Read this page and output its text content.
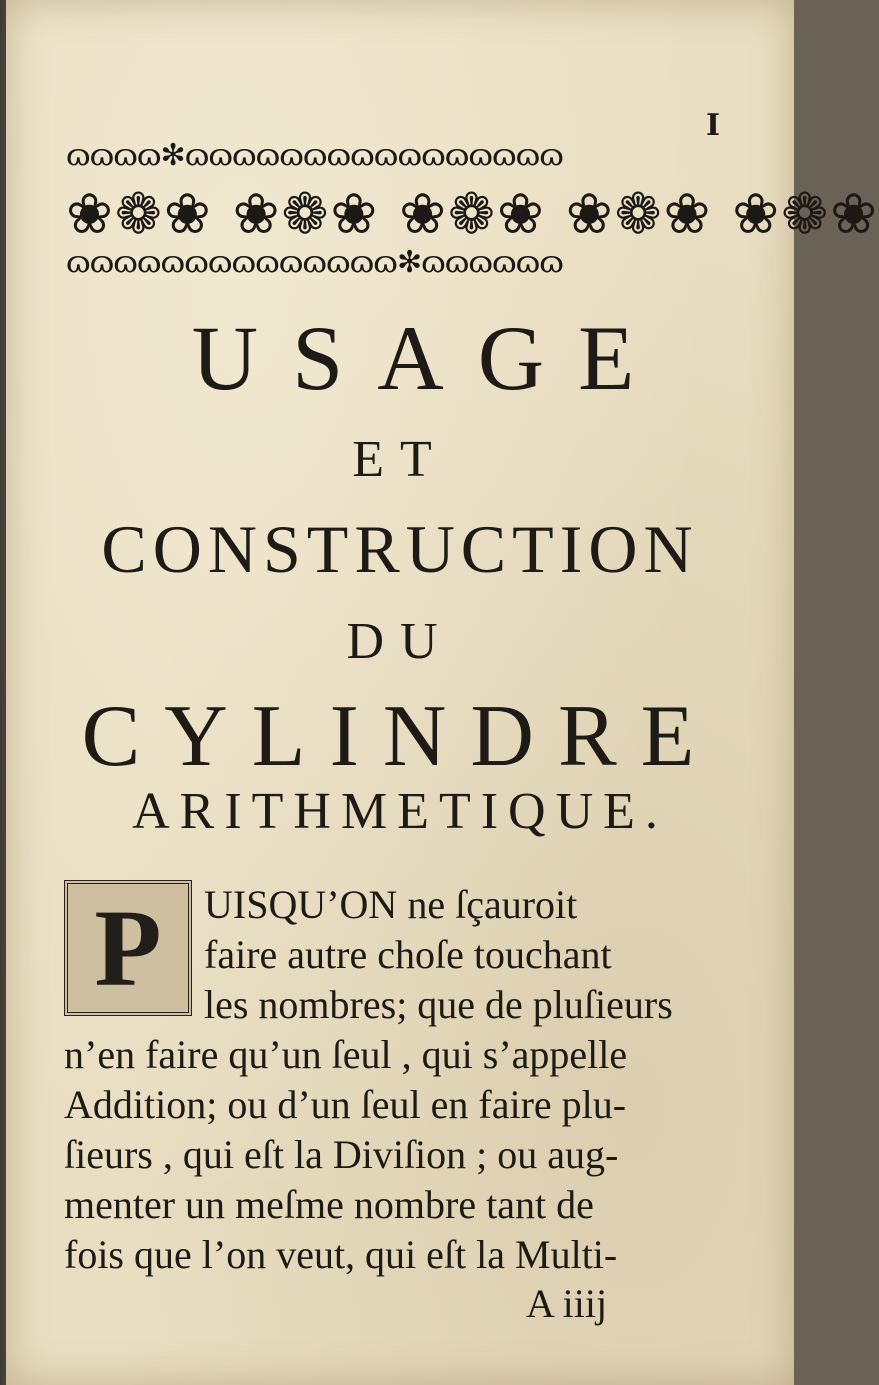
I
ɷɷɷɷ✻ɷɷɷɷɷɷɷɷɷɷɷɷɷɷɷɷ
❀❁❀ ❀❁❀ ❀❁❀ ❀❁❀ ❀❁❀
ɷɷɷɷɷɷɷɷɷɷɷɷɷɷ✻ɷɷɷɷɷɷ
USAGE
ET
CONSTRUCTION
DU
CYLINDRE
ARITHMETIQUE.
P	UISQU’ON ne ſçauroit
faire autre choſe touchant
les nombres; que de pluſieurs
n’en faire qu’un ſeul , qui s’appelle
Addition; ou d’un ſeul en faire plu-
ſieurs , qui eſt la Diviſion ; ou aug-
menter un meſme nombre tant de
fois que l’on veut, qui eſt la Multi-
A iiij
